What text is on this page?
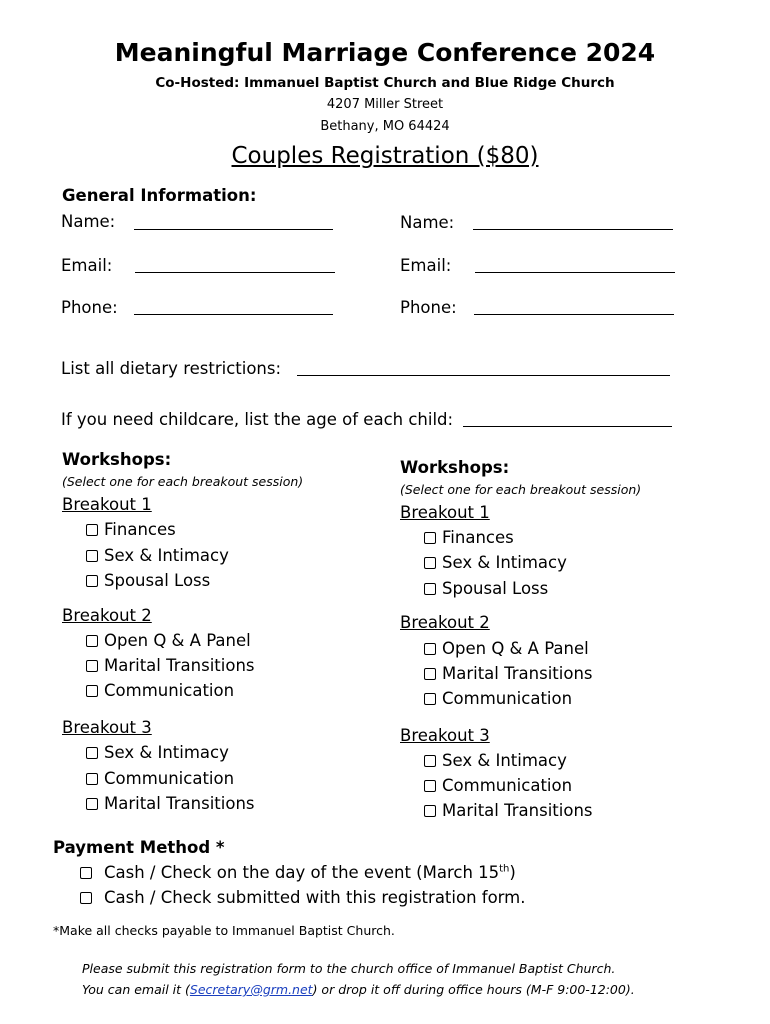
Meaningful Marriage Conference 2024
Co-Hosted: Immanuel Baptist Church and Blue Ridge Church
4207 Miller Street
Bethany, MO 64424
Couples Registration ($80)
General Information:
Name:
Email:
Phone:
Name:
Email:
Phone:
List all dietary restrictions:
If you need childcare, list the age of each child:
Workshops:
(Select one for each breakout session)
Breakout 1
Finances
Sex & Intimacy
Spousal Loss
Breakout 2
Open Q & A Panel
Marital Transitions
Communication
Breakout 3
Sex & Intimacy
Communication
Marital Transitions
Workshops:
(Select one for each breakout session)
Breakout 1
Finances
Sex & Intimacy
Spousal Loss
Breakout 2
Open Q & A Panel
Marital Transitions
Communication
Breakout 3
Sex & Intimacy
Communication
Marital Transitions
Payment Method *
Cash / Check on the day of the event (March 15th)
Cash / Check submitted with this registration form.
*Make all checks payable to Immanuel Baptist Church.
Please submit this registration form to the church office of Immanuel Baptist Church.
You can email it (Secretary@grm.net) or drop it off during office hours (M-F 9:00-12:00).
